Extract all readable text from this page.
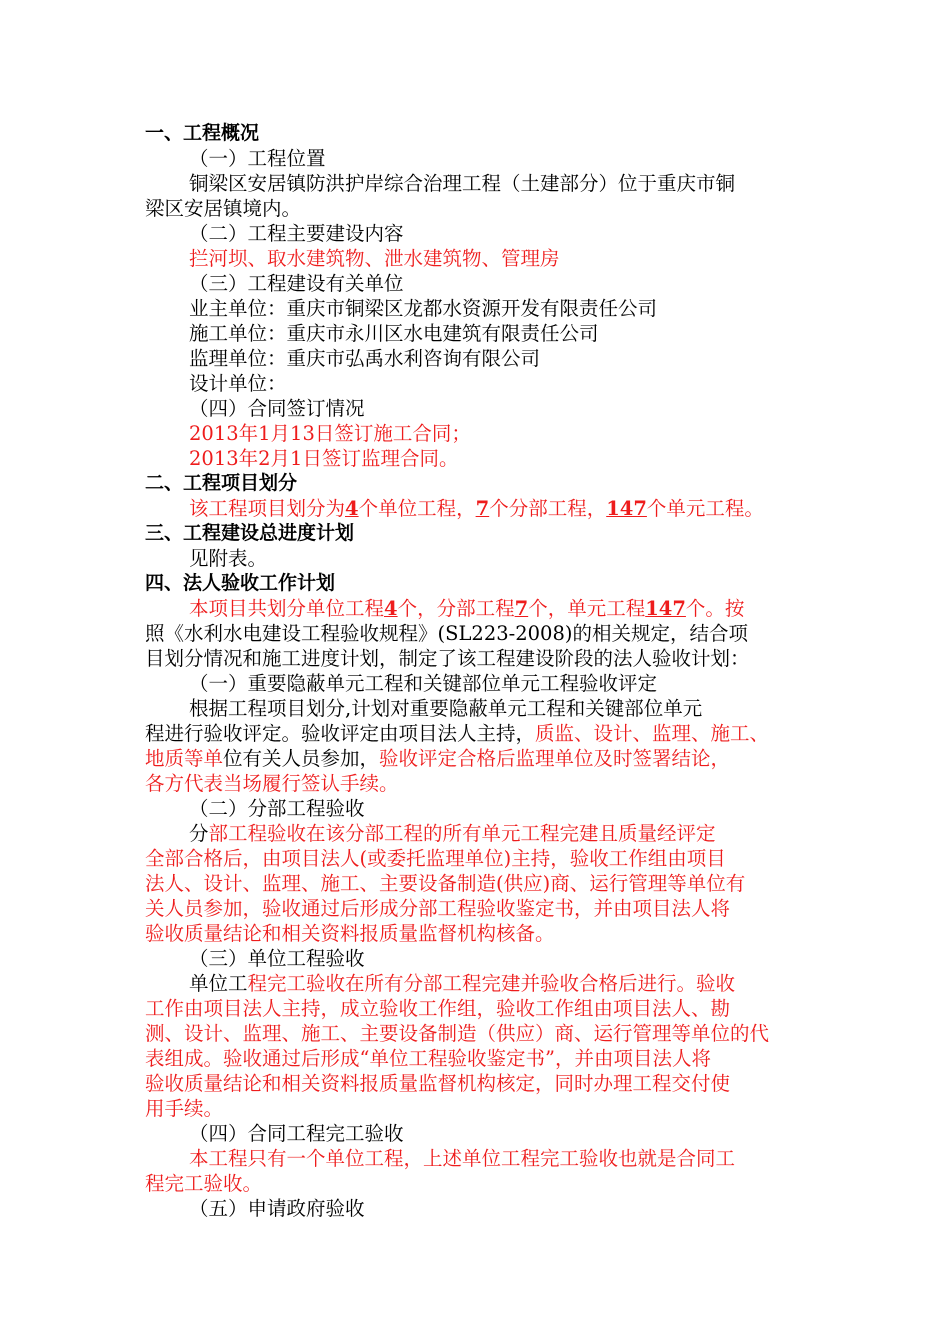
一、工程概况
（一）工程位置
铜梁区安居镇防洪护岸综合治理工程（土建部分）位于重庆市铜
梁区安居镇境内。
（二）工程主要建设内容
拦河坝、取水建筑物、泄水建筑物、管理房
（三）工程建设有关单位
业主单位：重庆市铜梁区龙都水资源开发有限责任公司
施工单位：重庆市永川区水电建筑有限责任公司
监理单位：重庆市弘禹水利咨询有限公司
设计单位：
（四）合同签订情况
2013年1月13日签订施工合同；
2013年2月1日签订监理合同。
二、工程项目划分
该工程项目划分为4个单位工程，7个分部工程，147个单元工程。
三、工程建设总进度计划
见附表。
四、法人验收工作计划
本项目共划分单位工程4个，分部工程7个，单元工程147个。按
照《水利水电建设工程验收规程》(SL223-2008)的相关规定，结合项
目划分情况和施工进度计划，制定了该工程建设阶段的法人验收计划：
（一）重要隐蔽单元工程和关键部位单元工程验收评定
根据工程项目划分,计划对重要隐蔽单元工程和关键部位单元
程进行验收评定。验收评定由项目法人主持，质监、设计、监理、施工、
地质等单位有关人员参加，验收评定合格后监理单位及时签署结论，
各方代表当场履行签认手续。
（二）分部工程验收
分部工程验收在该分部工程的所有单元工程完建且质量经评定
全部合格后，由项目法人(或委托监理单位)主持，验收工作组由项目
法人、设计、监理、施工、主要设备制造(供应)商、运行管理等单位有
关人员参加，验收通过后形成分部工程验收鉴定书，并由项目法人将
验收质量结论和相关资料报质量监督机构核备。
（三）单位工程验收
单位工程完工验收在所有分部工程完建并验收合格后进行。验收
工作由项目法人主持，成立验收工作组，验收工作组由项目法人、勘
测、设计、监理、施工、主要设备制造（供应）商、运行管理等单位的代
表组成。验收通过后形成“单位工程验收鉴定书”，并由项目法人将
验收质量结论和相关资料报质量监督机构核定，同时办理工程交付使
用手续。
（四）合同工程完工验收
本工程只有一个单位工程，上述单位工程完工验收也就是合同工
程完工验收。
（五）申请政府验收
